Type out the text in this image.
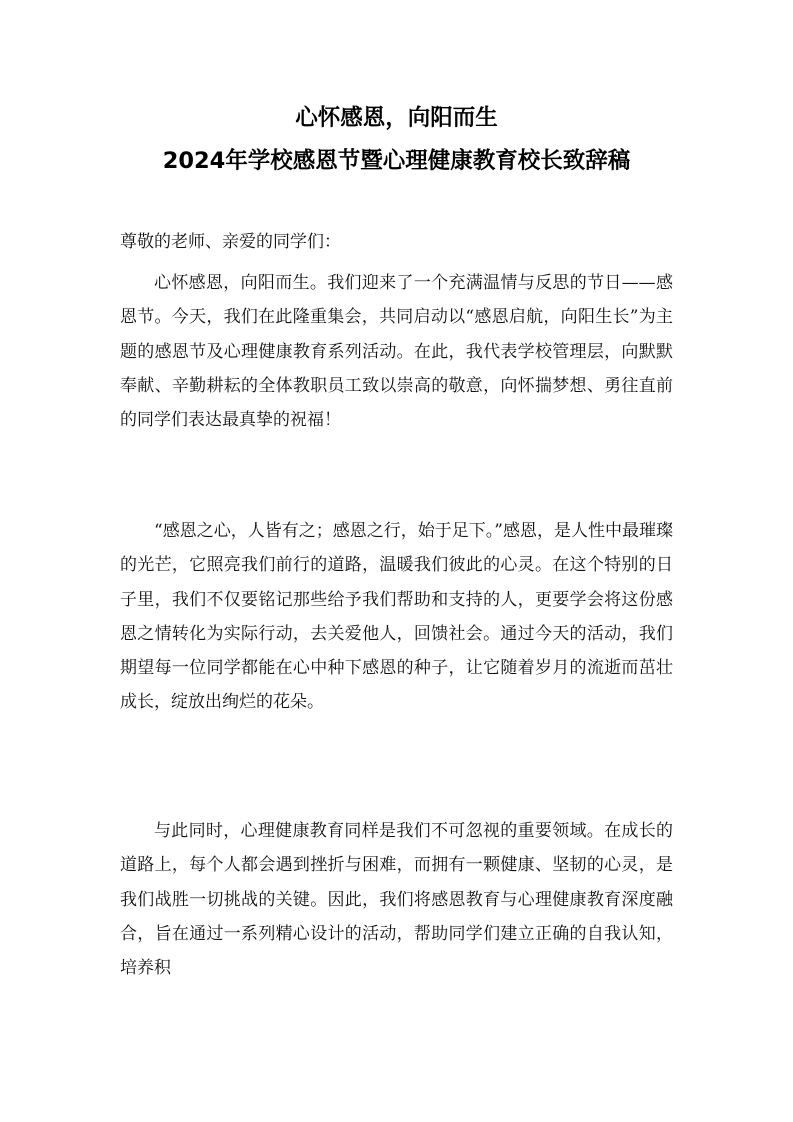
心怀感恩，向阳而生
2024年学校感恩节暨心理健康教育校长致辞稿
尊敬的老师、亲爱的同学们：

心怀感恩，向阳而生。我们迎来了一个充满温情与反思的节日——感恩节。今天，我们在此隆重集会，共同启动以“感恩启航，向阳生长”为主题的感恩节及心理健康教育系列活动。在此，我代表学校管理层，向默默奉献、辛勤耕耘的全体教职员工致以崇高的敬意，向怀揣梦想、勇往直前的同学们表达最真挚的祝福！

“感恩之心，人皆有之；感恩之行，始于足下。”感恩，是人性中最璀璨的光芒，它照亮我们前行的道路，温暖我们彼此的心灵。在这个特别的日子里，我们不仅要铭记那些给予我们帮助和支持的人，更要学会将这份感恩之情转化为实际行动，去关爱他人，回馈社会。通过今天的活动，我们期望每一位同学都能在心中种下感恩的种子，让它随着岁月的流逝而茁壮成长，绽放出绚烂的花朵。

与此同时，心理健康教育同样是我们不可忽视的重要领域。在成长的道路上，每个人都会遇到挫折与困难，而拥有一颗健康、坚韧的心灵，是我们战胜一切挑战的关键。因此，我们将感恩教育与心理健康教育深度融合，旨在通过一系列精心设计的活动，帮助同学们建立正确的自我认知，培养积
